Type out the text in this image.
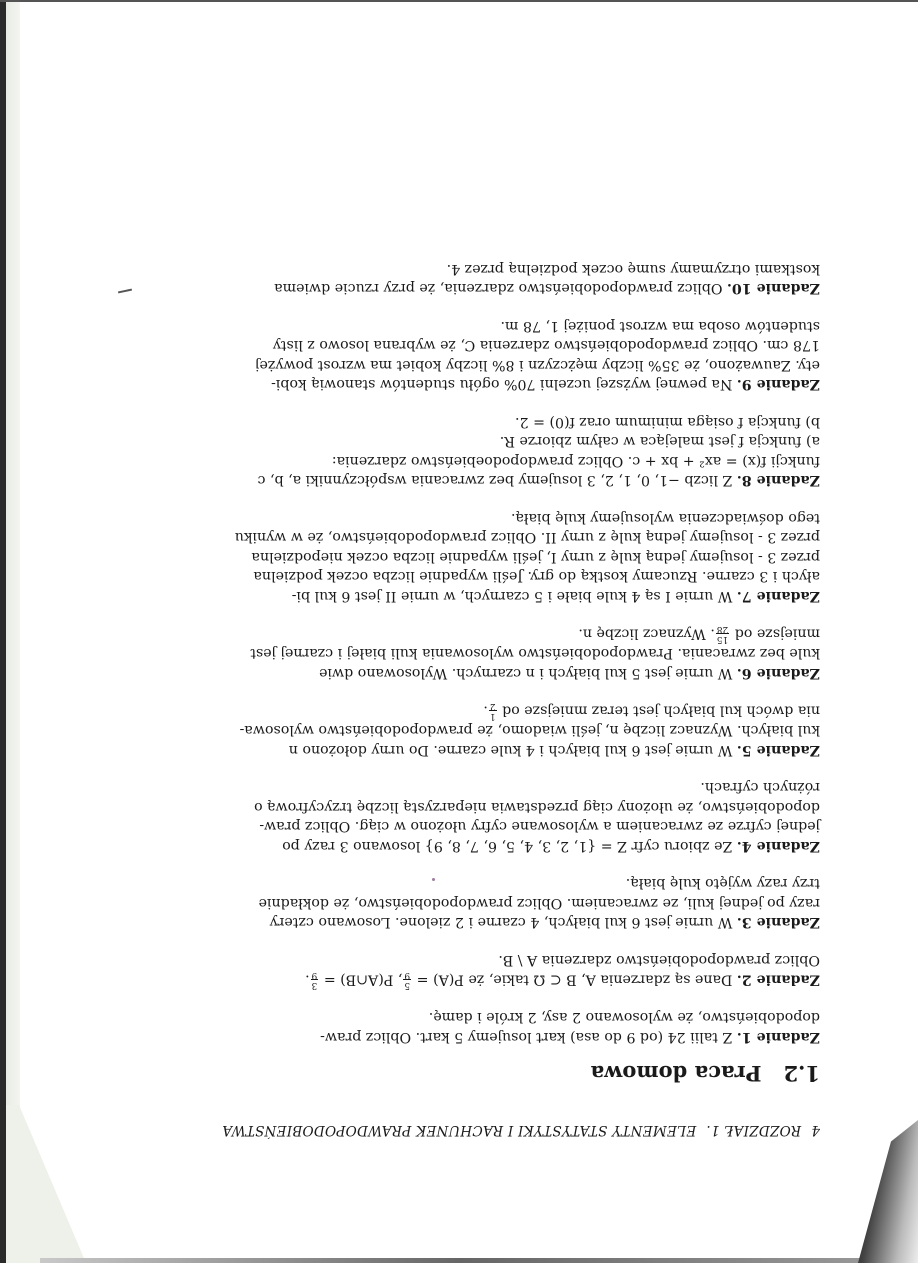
4
ROZDZIAŁ 1.
ELEMENTY STATYSTYKI I RACHUNEK PRAWDOPODOBIEŃSTWA
1.2
Praca domowa
Zadanie 1. Z talii 24 (od 9 do asa) kart losujemy 5 kart. Oblicz praw-
dopodobieństwo, że wylosowano 2 asy, 2 króle i damę.
Zadanie 2. Dane są zdarzenia A, B ⊂ Ω takie, że P(A) =
5
9
, P(A∩B) =
3
9
.
Oblicz prawdopodobieństwo zdarzenia A \ B.
Zadanie 3. W urnie jest 6 kul białych, 4 czarne i 2 zielone. Losowano cztery
razy po jednej kuli, ze zwracaniem. Oblicz prawdopodobieństwo, że dokładnie
trzy razy wyjęto kulę białą.
Zadanie 4. Ze zbioru cyfr Z = {1, 2, 3, 4, 5, 6, 7, 8, 9} losowano 3 razy po
jednej cyfrze ze zwracaniem a wylosowane cyfry ułożono w ciąg. Oblicz praw-
dopodobieństwo, że ułożony ciąg przedstawia nieparzystą liczbę trzycyfrową o
różnych cyfrach.
Zadanie 5. W urnie jest 6 kul białych i 4 kule czarne. Do urny dołożono n
kul białych. Wyznacz liczbę n, jeśli wiadomo, że prawdopodobieństwo wylosowa-
nia dwóch kul białych jest teraz mniejsze od
1
2
.
Zadanie 6. W urnie jest 5 kul białych i n czarnych. Wylosowano dwie
kule bez zwracania. Prawdopodobieństwo wylosowania kuli białej i czarnej jest
mniejsze od
15
28
. Wyznacz liczbę n.
Zadanie 7. W urnie I są 4 kule białe i 5 czarnych, w urnie II jest 6 kul bi-
ałych i 3 czarne. Rzucamy kostką do gry. Jeśli wypadnie liczba oczek podzielna
przez 3 - losujemy jedną kulę z urny I, jeśli wypadnie liczba oczek niepodzielna
przez 3 - losujemy jedną kulę z urny II. Oblicz prawdopodobieństwo, że w wyniku
tego doświadczenia wylosujemy kulę białą.
Zadanie 8. Z liczb −1, 0, 1, 2, 3 losujemy bez zwracania współczynniki a, b, c
funkcji f(x) = ax² + bx + c. Oblicz prawdopodoebieństwo zdarzenia:
a) funkcja f jest malejąca w całym zbiorze R.
b) funkcja f osiąga minimum oraz f(0) = 2.
Zadanie 9. Na pewnej wyższej uczelni 70% ogółu studentów stanowią kobi-
ety. Zauważono, że 35% liczby mężczyzn i 8% liczby kobiet ma wzrost powyżej
178 cm. Oblicz prawdopodobieństwo zdarzenia C, że wybrana losowo z listy
studentów osoba ma wzrost poniżej 1, 78 m.
Zadanie 10. Oblicz prawdopodobieństwo zdarzenia, że przy rzucie dwiema
kostkami otrzymamy sumę oczek podzielną przez 4.
